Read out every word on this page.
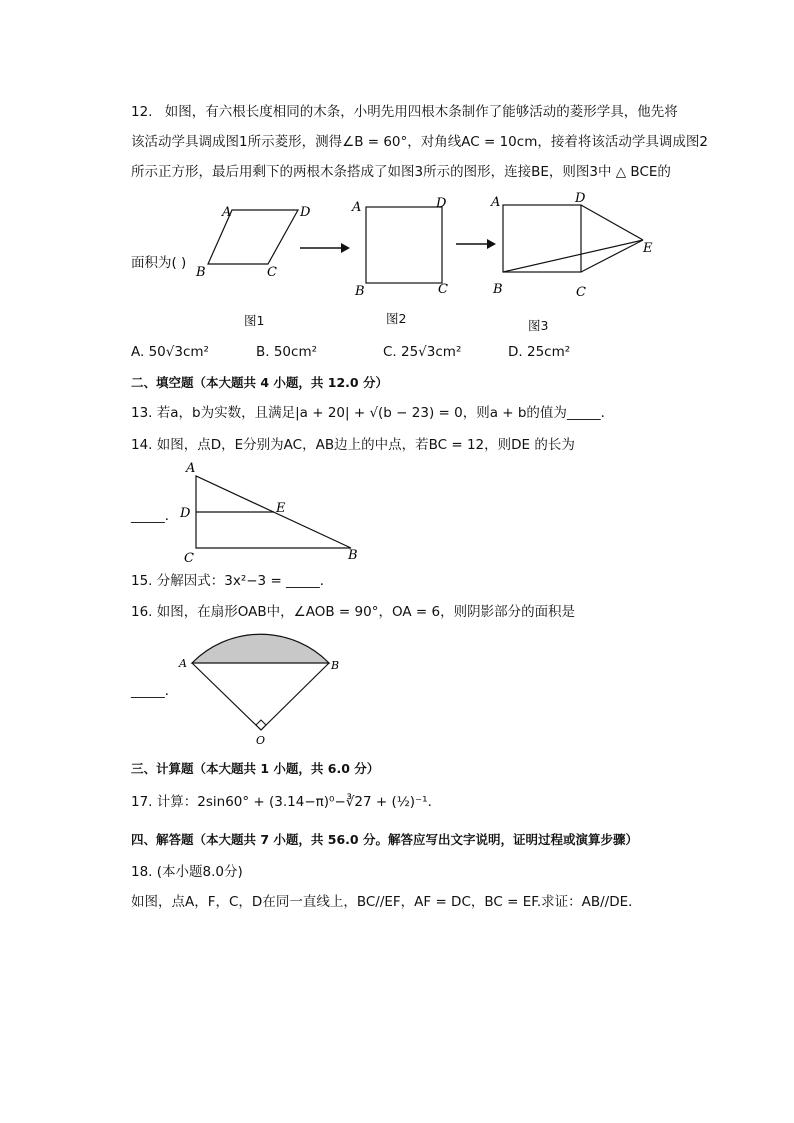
12. 如图，有六根长度相同的木条，小明先用四根木条制作了能够活动的菱形学具，他先将
该活动学具调成图1所示菱形，测得∠B = 60°，对角线AC = 10cm，接着将该活动学具调成图2
所示正方形，最后用剩下的两根木条搭成了如图3所示的图形，连接BE，则图3中 △ BCE的
面积为( )
A	D
B	C
图1
A	D
B	C
图2
A	D
B	C
E
图3
A. 50√3cm²	B. 50cm²	C. 25√3cm²	D. 25cm²
二、填空题（本大题共 4 小题，共 12.0 分）
13. 若a，b为实数，且满足|a + 20| + √(b − 23) = 0，则a + b的值为_____．
14. 如图，点D，E分别为AC，AB边上的中点，若BC = 12，则DE 的长为
_____．
A
D	E
C	B
15. 分解因式：3x²−3 = _____．
16. 如图，在扇形OAB中，∠AOB = 90°，OA = 6，则阴影部分的面积是
_____．
A	B
O
三、计算题（本大题共 1 小题，共 6.0 分）
17. 计算：2sin60° + (3.14−π)⁰−∛27 + (½)⁻¹．
四、解答题（本大题共 7 小题，共 56.0 分。解答应写出文字说明，证明过程或演算步骤）
18. (本小题8.0分)
如图，点A，F，C，D在同一直线上，BC//EF，AF = DC，BC = EF.求证：AB//DE．
